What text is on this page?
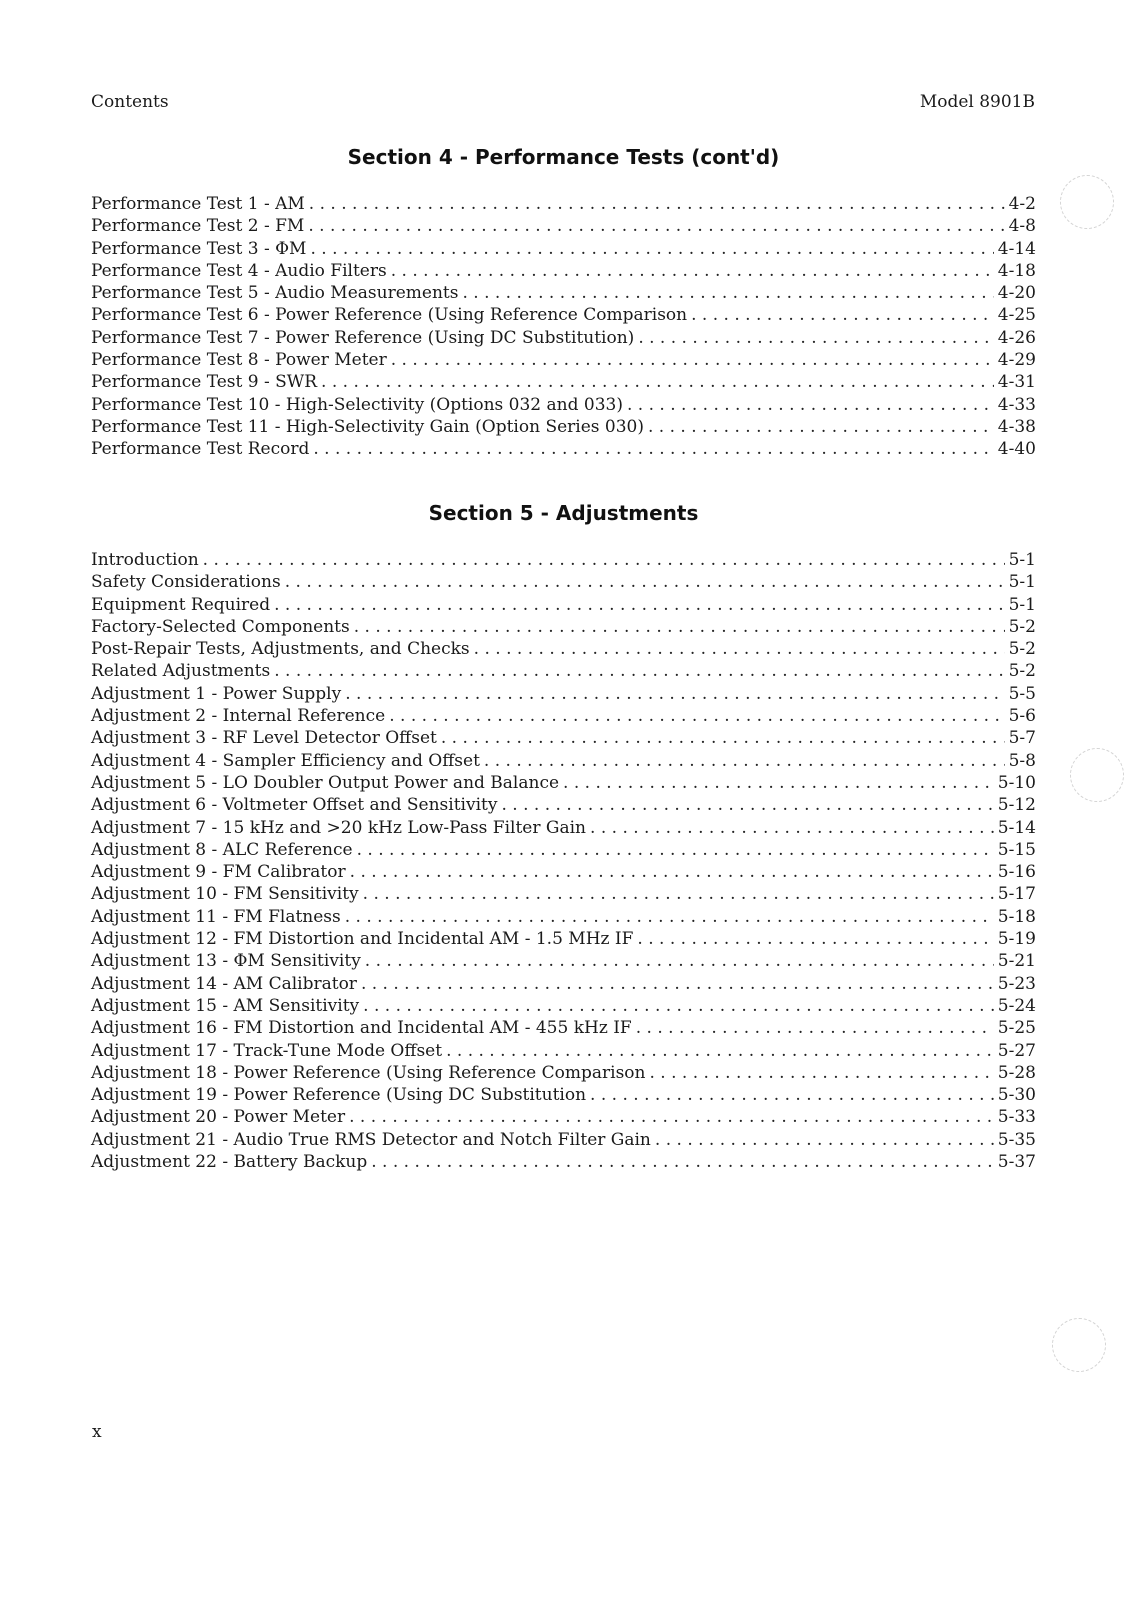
Contents	Model 8901B
Section 4 - Performance Tests (cont'd)
Performance Test 1 - AM . . .	4-2
Performance Test 2 - FM . . .	4-8
Performance Test 3 - ΦM . . .	4-14
Performance Test 4 - Audio Filters . . .	4-18
Performance Test 5 - Audio Measurements . . .	4-20
Performance Test 6 - Power Reference (Using Reference Comparison . . .	4-25
Performance Test 7 - Power Reference (Using DC Substitution) . . .	4-26
Performance Test 8 - Power Meter . . .	4-29
Performance Test 9 - SWR . . .	4-31
Performance Test 10 - High-Selectivity (Options 032 and 033) . . .	4-33
Performance Test 11 - High-Selectivity Gain (Option Series 030) . . .	4-38
Performance Test Record . . .	4-40
Section 5 - Adjustments
Introduction . . .	5-1
Safety Considerations . . .	5-1
Equipment Required . . .	5-1
Factory-Selected Components . . .	5-2
Post-Repair Tests, Adjustments, and Checks . . .	5-2
Related Adjustments . . .	5-2
Adjustment 1 - Power Supply . . .	5-5
Adjustment 2 - Internal Reference . . .	5-6
Adjustment 3 - RF Level Detector Offset . . .	5-7
Adjustment 4 - Sampler Efficiency and Offset . . .	5-8
Adjustment 5 - LO Doubler Output Power and Balance . . .	5-10
Adjustment 6 - Voltmeter Offset and Sensitivity . . .	5-12
Adjustment 7 - 15 kHz and >20 kHz Low-Pass Filter Gain . . .	5-14
Adjustment 8 - ALC Reference . . .	5-15
Adjustment 9 - FM Calibrator . . .	5-16
Adjustment 10 - FM Sensitivity . . .	5-17
Adjustment 11 - FM Flatness . . .	5-18
Adjustment 12 - FM Distortion and Incidental AM - 1.5 MHz IF . . .	5-19
Adjustment 13 - ΦM Sensitivity . . .	5-21
Adjustment 14 - AM Calibrator . . .	5-23
Adjustment 15 - AM Sensitivity . . .	5-24
Adjustment 16 - FM Distortion and Incidental AM - 455 kHz IF . . .	5-25
Adjustment 17 - Track-Tune Mode Offset . . .	5-27
Adjustment 18 - Power Reference (Using Reference Comparison . . .	5-28
Adjustment 19 - Power Reference (Using DC Substitution . . .	5-30
Adjustment 20 - Power Meter . . .	5-33
Adjustment 21 - Audio True RMS Detector and Notch Filter Gain . . .	5-35
Adjustment 22 - Battery Backup . . .	5-37
x
